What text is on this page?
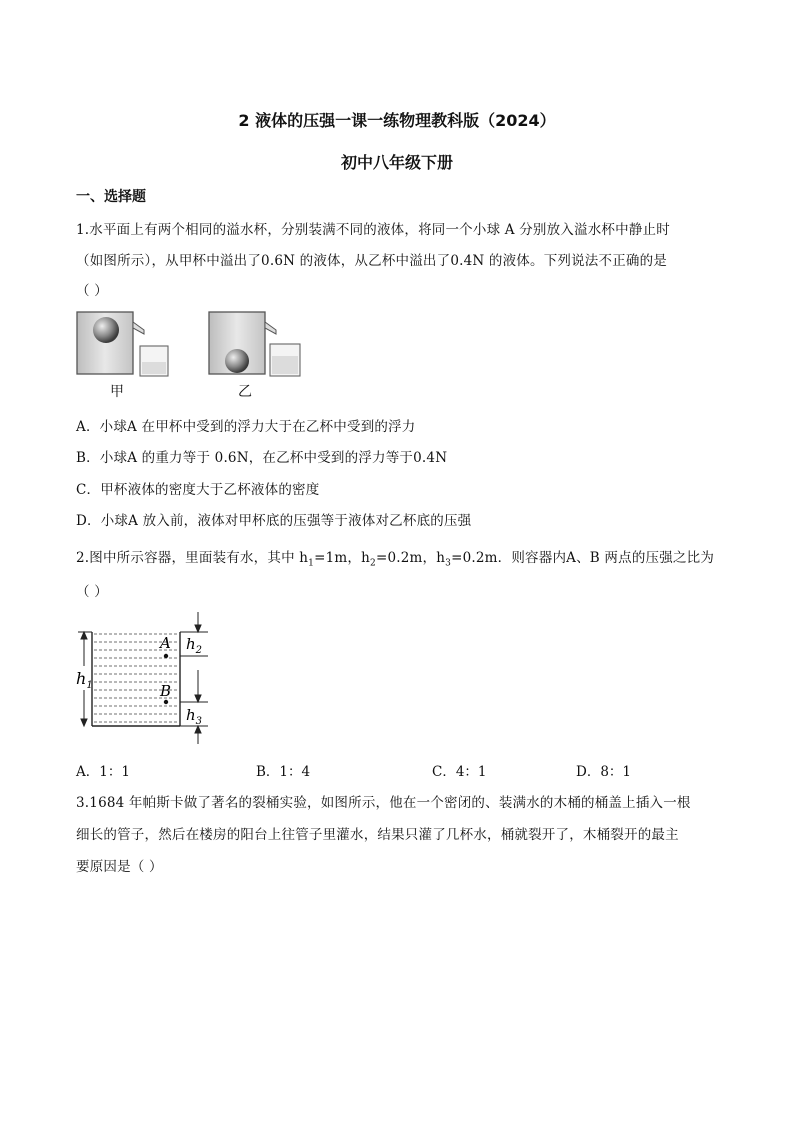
2 液体的压强一课一练物理教科版（2024）
初中八年级下册
一、选择题
1.水平面上有两个相同的溢水杯，分别装满不同的液体，将同一个小球 A 分别放入溢水杯中静止时
（如图所示），从甲杯中溢出了0.6N 的液体，从乙杯中溢出了0.4N 的液体。下列说法不正确的是
（ ）
甲	乙
A．小球A 在甲杯中受到的浮力大于在乙杯中受到的浮力
B．小球A 的重力等于 0.6N，在乙杯中受到的浮力等于0.4N
C．甲杯液体的密度大于乙杯液体的密度
D．小球A 放入前，液体对甲杯底的压强等于液体对乙杯底的压强
2.图中所示容器，里面装有水，其中 $h_1=1m$，$h_2=0.2m$，$h_3=0.2m$．则容器内A、B 两点的压强之比为
（ ）
$h_1$
A
B
$h_2$
$h_3$
A．1：1	B．1：4	C．4：1	D．8：1
3.1684 年帕斯卡做了著名的裂桶实验，如图所示，他在一个密闭的、装满水的木桶的桶盖上插入一根
细长的管子，然后在楼房的阳台上往管子里灌水，结果只灌了几杯水，桶就裂开了，木桶裂开的最主
要原因是（ ）
